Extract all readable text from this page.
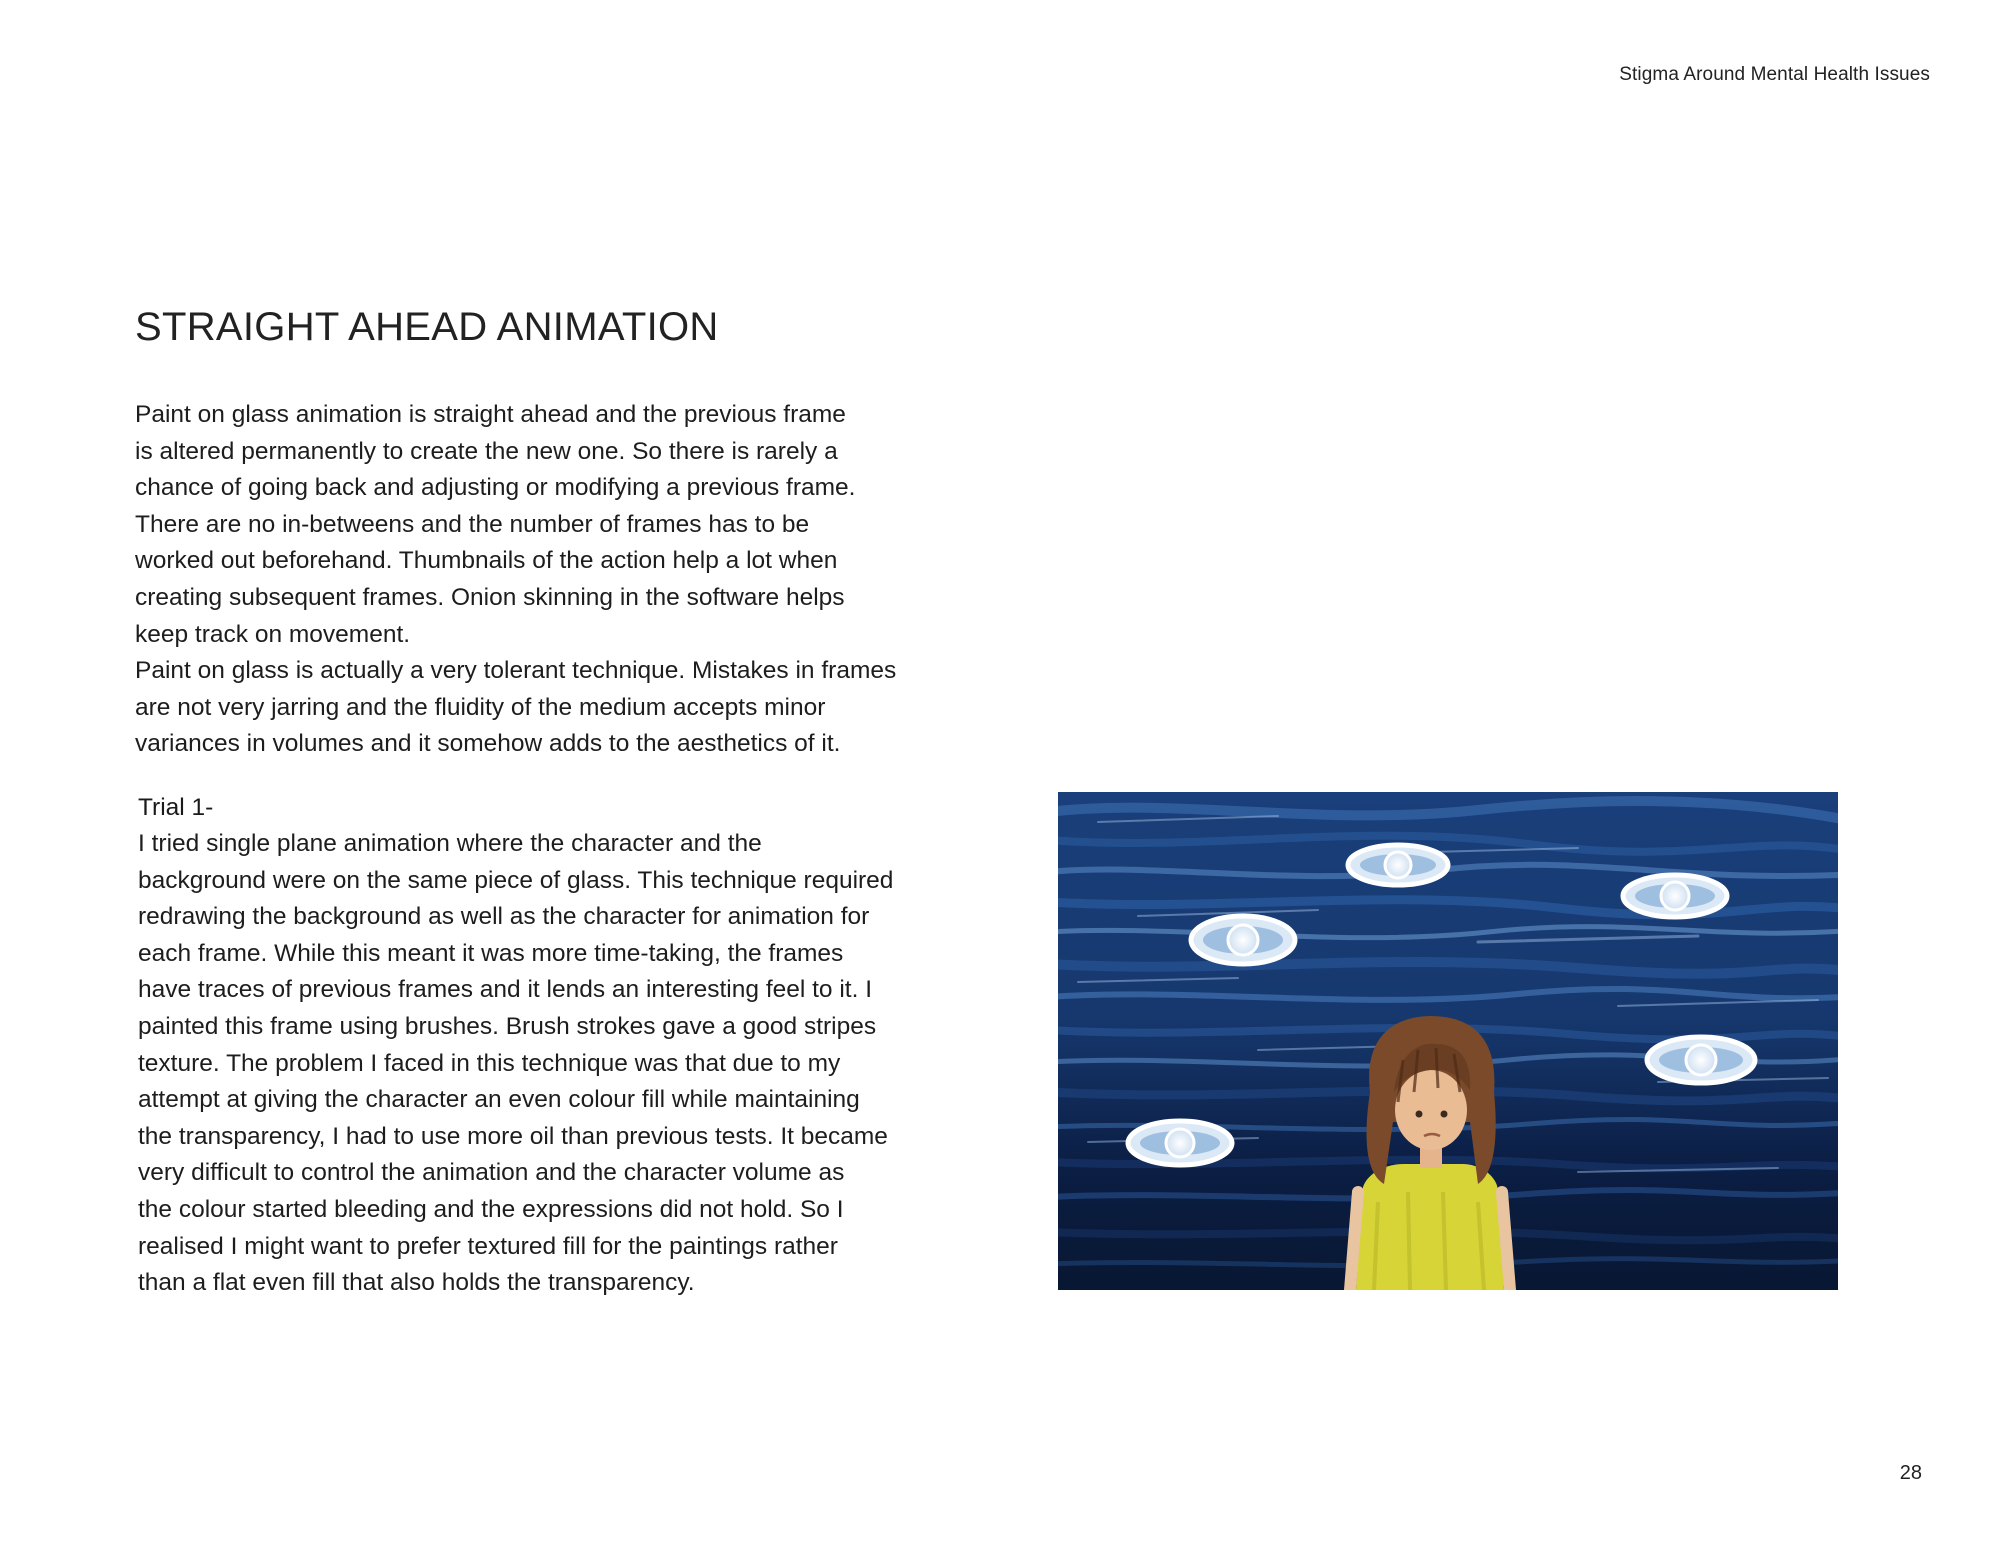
Stigma Around Mental Health Issues
STRAIGHT AHEAD ANIMATION
Paint on glass animation is straight ahead and the previous frame
is altered permanently to create the new one. So there is rarely a
chance of going back and adjusting or modifying a previous frame.
There are no in-betweens and the number of frames has to be
worked out beforehand. Thumbnails of the action help a lot when
creating subsequent frames. Onion skinning in the software helps
keep track on movement.
Paint on glass is actually a very tolerant technique. Mistakes in frames
are not very jarring and the fluidity of the medium accepts minor
variances in volumes and it somehow adds to the aesthetics of it.

Trial 1-

I tried single plane animation where the character and the
background were on the same piece of glass. This technique required
redrawing the background as well as the character for animation for
each frame. While this meant it was more time-taking, the frames
have traces of previous frames and it lends an interesting feel to it. I
painted this frame using brushes. Brush strokes gave a good stripes
texture. The problem I faced in this technique was that due to my
attempt at giving the character an even colour fill while maintaining
the transparency, I had to use more oil than previous tests. It became
very difficult to control the animation and the character volume as
the colour started bleeding and the expressions did not hold. So I
realised I might want to prefer textured fill for the paintings rather
than a flat even fill that also holds the transparency.
28
